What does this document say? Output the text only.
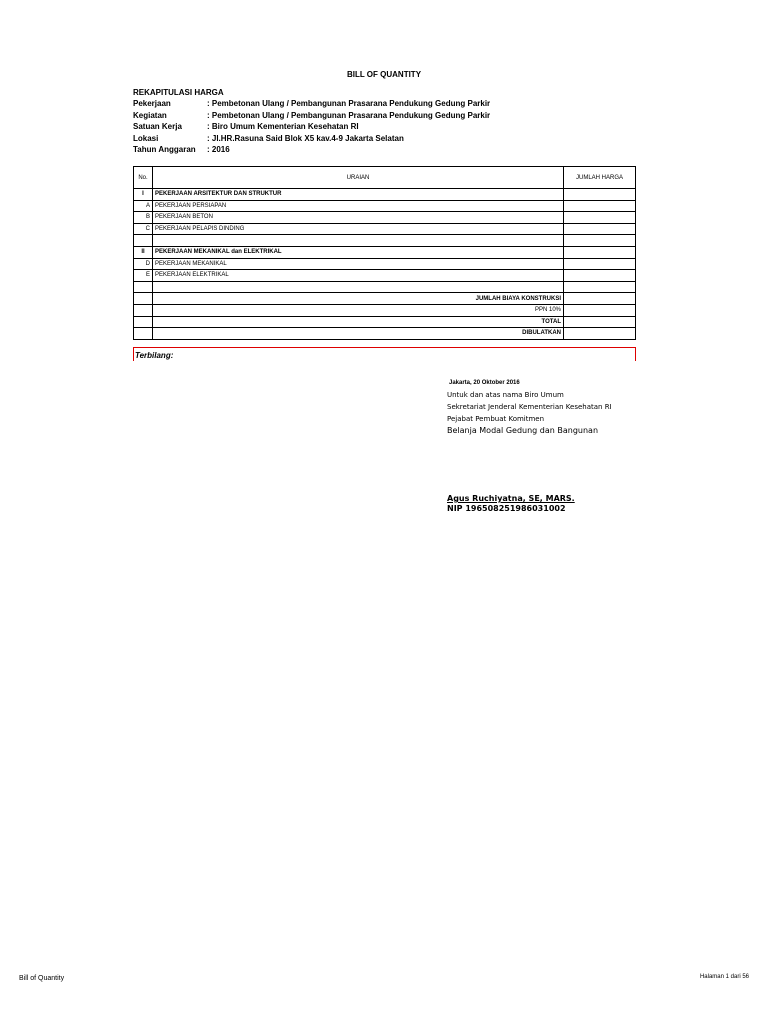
BILL OF QUANTITY
REKAPITULASI HARGA
Pekerjaan	: Pembetonan Ulang / Pembangunan Prasarana Pendukung Gedung Parkir
Kegiatan	: Pembetonan Ulang / Pembangunan Prasarana Pendukung Gedung Parkir
Satuan Kerja	: Biro Umum Kementerian Kesehatan RI
Lokasi	: Jl.HR.Rasuna Said Blok X5 kav.4-9 Jakarta Selatan
Tahun Anggaran	: 2016
No.	URAIAN	JUMLAH HARGA
I	PEKERJAAN ARSITEKTUR DAN STRUKTUR	
A	PEKERJAAN PERSIAPAN	
B	PEKERJAAN BETON	
C	PEKERJAAN PELAPIS DINDING	

II	PEKERJAAN MEKANIKAL dan ELEKTRIKAL	
D	PEKERJAAN MEKANIKAL	
E	PEKERJAAN ELEKTRIKAL	

	JUMLAH BIAYA KONSTRUKSI	
	PPN 10%	
	TOTAL	
	DIBULATKAN	
Terbilang:
Jakarta, 20 Oktober 2016
Untuk dan atas nama Biro Umum
Sekretariat Jenderal Kementerian Kesehatan RI
Pejabat Pembuat Komitmen
Belanja Modal Gedung dan Bangunan
Agus Ruchiyatna, SE, MARS.
NIP 196508251986031002
Bill of Quantity	Halaman 1 dari 56
